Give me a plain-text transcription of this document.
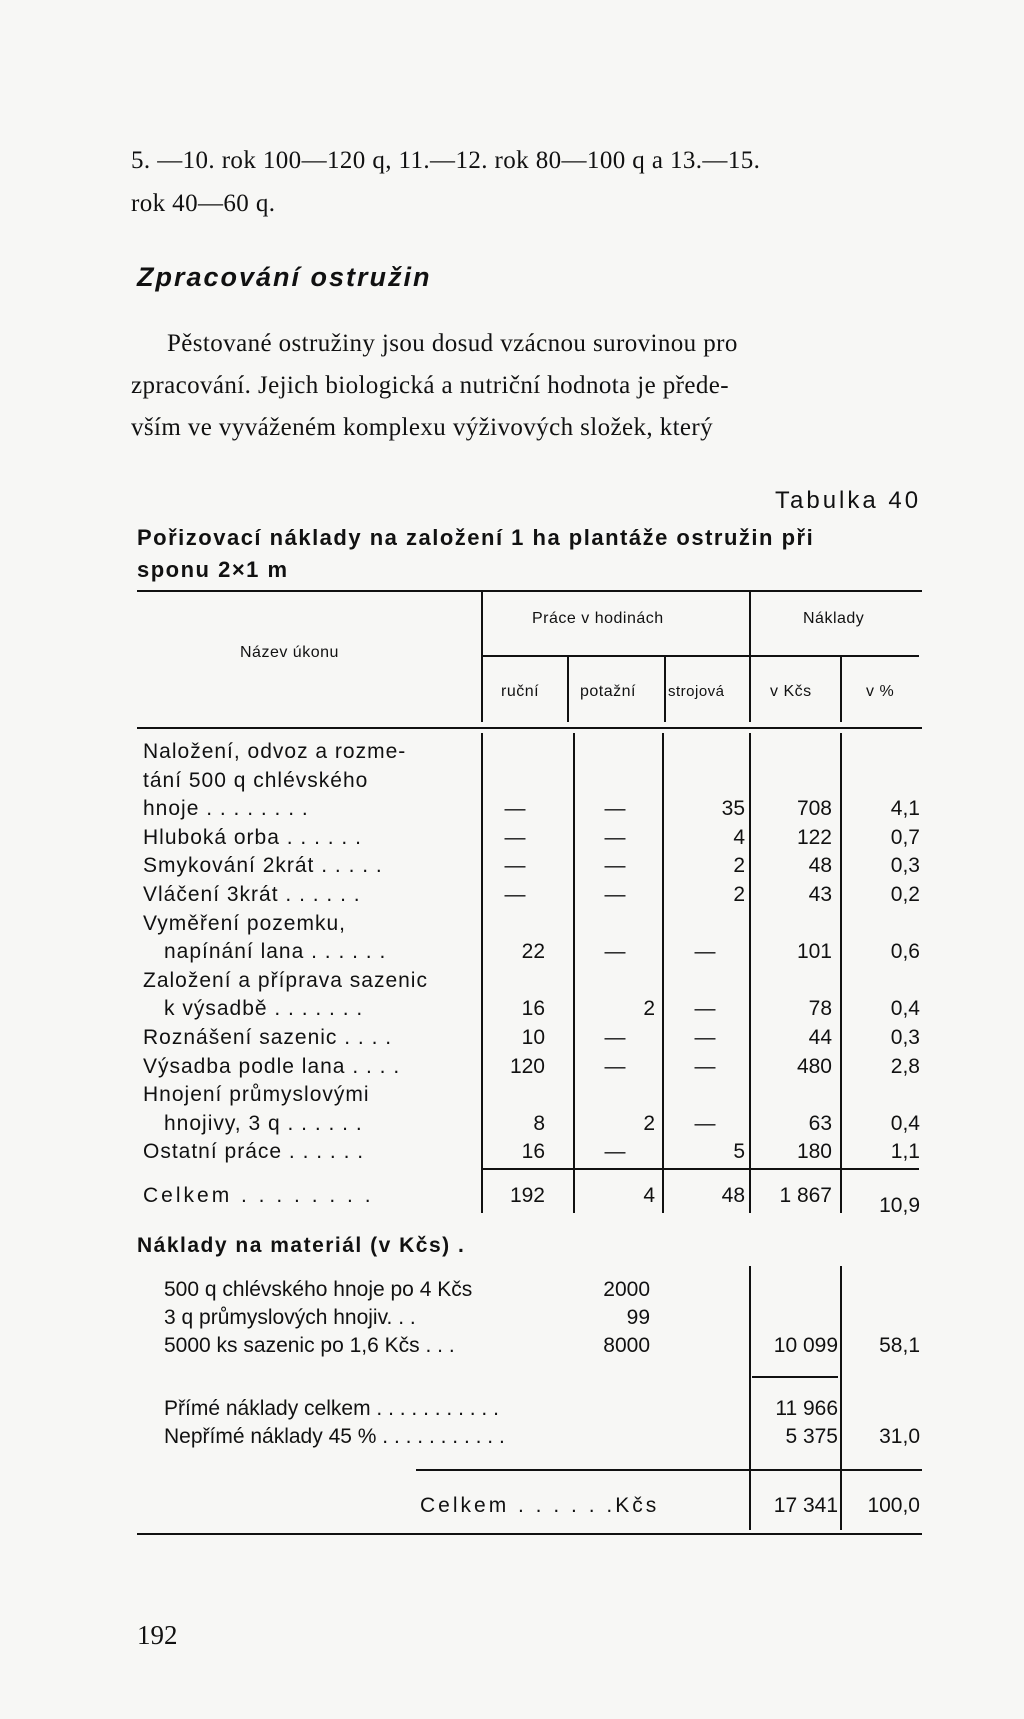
5. —10. rok 100—120 q, 11.—12. rok 80—100 q a 13.—15.
rok 40—60 q.
Zpracování ostružin
Pěstované ostružiny jsou dosud vzácnou surovinou pro
zpracování. Jejich biologická a nutriční hodnota je přede-
vším ve vyváženém komplexu výživových složek, který
Tabulka 40
Pořizovací náklady na založení 1 ha plantáže ostružin při
sponu 2×1 m
Název úkonu
Práce v hodinách	Náklady
ruční	potažní strojová	v Kčs	v %
Naložení, odvoz a rozme-
tání 500 q chlévského
hnoje . . . . . . . .	—	—	35	708	4,1
Hluboká orba . . . . . .	—	—	4	122	0,7
Smykování 2krát . . . . .	—	—	2	48	0,3
Vláčení 3krát . . . . . .	—	—	2	43	0,2
Vyměření pozemku,
napínání lana . . . . . .	22	—	—	101	0,6
Založení a příprava sazenic
k výsadbě . . . . . . .	16	2	—	78	0,4
Roznášení sazenic . . . .	10	—	—	44	0,3
Výsadba podle lana . . . .	120	—	—	480	2,8
Hnojení průmyslovými
hnojivy, 3 q . . . . . .	8	2	—	63	0,4
Ostatní práce . . . . . .	16	—	5	180	1,1
Celkem . . . . . . . .	192	4	48	1 867	10,9
Náklady na materiál (v Kčs) .
500 q chlévského hnoje po 4 Kčs	2000
3 q průmyslových hnojiv. . .	99
5000 ks sazenic po 1,6 Kčs . . .	8000	10 099	58,1
Přímé náklady celkem . . . . . . . . . . .	11 966
Nepřímé náklady 45 % . . . . . . . . . . .	5 375	31,0
Celkem . . . . . .Kčs	17 341	100,0
192
